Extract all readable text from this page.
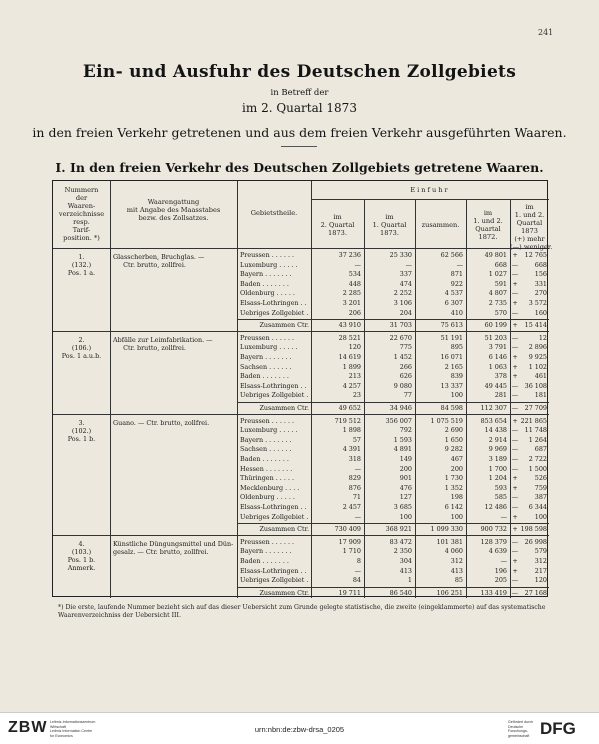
241
Ein- und Ausfuhr des Deutschen Zollgebiets
in Betreff der
im 2. Quartal 1873
in den freien Verkehr getretenen und aus dem freien Verkehr ausgeführten Waaren.
I. In den freien Verkehr des Deutschen Zollgebiets getretene Waaren.
Nummern
der
Waaren-
verzeichnisse
resp.
Tarif-
position. *)
Waarengattung
mit Angabe des Maasstabes
bezw. des Zollsatzes.
Gebietstheile.
Einfuhr
im
2. Quartal
1873.
im
1. Quartal
1873.
zusammen.
im
1. und 2.
Quartal
1872.
im
1. und 2.
Quartal
1873
(+) mehr
(—) weniger.
1.
(132.)
Pos. 1 a.
Glasscherben, Bruchglas. —
Ctr. brutto, zollfrei.
Preussen . . . . . .	37 236	25 330	62 566	49 801 +	12 765
Luxemburg . . . . .	—	—	—	668 —	668
Bayern . . . . . . .	534	337	871	1 027 —	156
Baden . . . . . . .	448	474	922	591 +	331
Oldenburg . . . . .	2 285	2 252	4 537	4 807 —	270
Elsass-Lothringen . .	3 201	3 106	6 307	2 735 +	3 572
Uebriges Zollgebiet .	206	204	410	570 —	160
Zusammen Ctr.	43 910	31 703	75 613	60 199 +	15 414
2.
(106.)
Pos. 1 a.u.b.
Abfälle zur Leimfabrikation. —
Ctr. brutto, zollfrei.
Preussen . . . . . .	28 521	22 670	51 191	51 203 —	12
Luxemburg . . . . .	120	775	895	3 791 —	2 896
Bayern . . . . . . .	14 619	1 452	16 071	6 146 +	9 925
Sachsen . . . . . .	1 899	266	2 165	1 063 +	1 102
Baden . . . . . . .	213	626	839	378 +	461
Elsass-Lothringen . .	4 257	9 080	13 337	49 445 —	36 108
Uebriges Zollgebiet .	23	77	100	281 —	181
Zusammen Ctr.	49 652	34 946	84 598	112 307 —	27 709
3.
(102.)
Pos. 1 b.
Guano. — Ctr. brutto, zollfrei.	Preussen . . . . . .	719 512	356 007	1 075 519	853 654 + 221 865
Luxemburg . . . . .	1 898	792	2 690	14 438 —	11 748
Bayern . . . . . . .	57	1 593	1 650	2 914 —	1 264
Sachsen . . . . . .	4 391	4 891	9 282	9 969 —	687
Baden . . . . . . .	318	149	467	3 189 —	2 722
Hessen . . . . . . .	—	200	200	1 700 —	1 500
Thüringen . . . . .	829	901	1 730	1 204 +	526
Mecklenburg . . . .	876	476	1 352	593 +	759
Oldenburg . . . . .	71	127	198	585 —	387
Elsass-Lothringen . .	2 457	3 685	6 142	12 486 —	6 344
Uebriges Zollgebiet .	—	100	100	— +	100
Zusammen Ctr.	730 409	368 921	1 099 330	900 732 + 198 598
4.
(103.)
Pos. 1 b.
Anmerk.
Künstliche Düngungsmittel und Dün-
gesalz. — Ctr. brutto, zollfrei.
Preussen . . . . . .	17 909	83 472	101 381	128 379 —	26 998
Bayern . . . . . . .	1 710	2 350	4 060	4 639 —	579
Baden . . . . . . .	8	304	312	— +	312
Elsass-Lothringen . .	—	413	413	196 +	217
Uebriges Zollgebiet .	84	1	85	205 —	120
Zusammen Ctr.	19 711	86 540	106 251	133 419 —	27 168
*) Die erste, laufende Nummer bezieht sich auf das dieser Uebersicht zum Grunde gelegte statistische, die zweite (eingeklammerte) auf das systematische Waarenverzeichniss der Uebersicht III.
ZBW Leibniz-Informationszentrum
Wirtschaft
Leibniz Information Centre
for Economics
urn:nbn:de:zbw-drsa_0205
Gefördert durch
Deutsche
Forschungs-
gemeinschaft DFG
